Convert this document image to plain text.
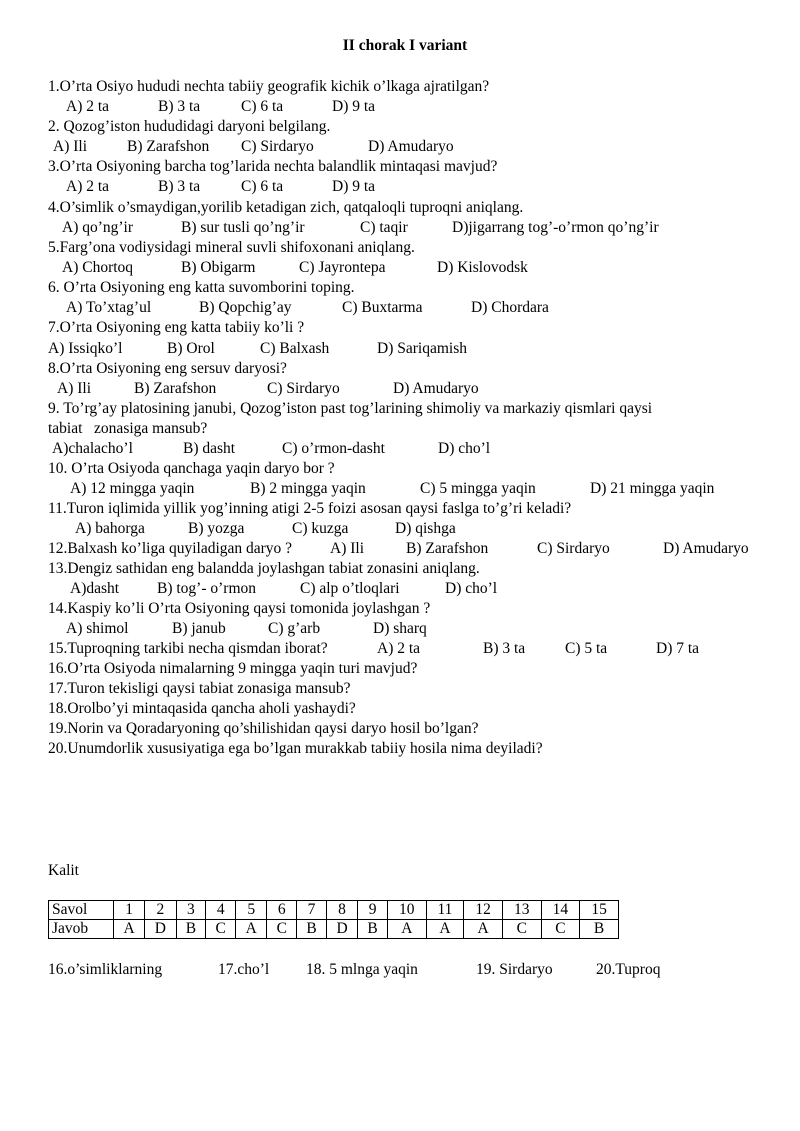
II chorak I variant
1.O’rta Osiyo hududi nechta tabiiy geografik kichik o’lkaga ajratilgan?

A) 2 ta

	B) 3 ta

	C) 6 ta

	D) 9 ta

2. Qozog’iston hududidagi daryoni belgilang.

A) Ili

	B) Zarafshon

C) Sirdaryo

	D) Amudaryo

3.O’rta Osiyoning barcha tog’larida nechta balandlik mintaqasi mavjud?

A) 2 ta

	B) 3 ta

	C) 6 ta

	D) 9 ta

4.O’simlik o’smaydigan,yorilib ketadigan zich, qatqaloqli tuproqni aniqlang.

A) qo’ng’ir

	B) sur tusli qo’ng’ir

	C) taqir

	D)jigarrang tog’-o’rmon qo’ng’ir

5.Farg’ona vodiysidagi mineral suvli shifoxonani aniqlang.

A) Chortoq

	B) Obigarm

	C) Jayrontepa

	D) Kislovodsk

6. O’rta Osiyoning eng katta suvomborini toping.

A) To’xtag’ul

	B) Qopchig’ay

	C) Buxtarma

	D) Chordara

7.O’rta Osiyoning eng katta tabiiy ko’li ?

A) Issiqko’l

	B) Orol

	C) Balxash

	D) Sariqamish

8.O’rta Osiyoning eng sersuv daryosi?

A) Ili

	B) Zarafshon

	C) Sirdaryo

	D) Amudaryo

9. To’rg’ay platosining janubi, Qozog’iston past tog’larining shimoliy va markaziy qismlari qaysi
tabiat   zonasiga mansub?

A)chalacho’l

	B) dasht

	C) o’rmon-dasht

	D) cho’l

10. O’rta Osiyoda qanchaga yaqin daryo bor ?

A) 12 mingga yaqin

	B) 2 mingga yaqin

	C) 5 mingga yaqin

	D) 21 mingga yaqin

11.Turon iqlimida yillik yog’inning atigi 2-5 foizi asosan qaysi faslga to’g’ri keladi?

A) bahorga

	B) yozga

	C) kuzga

	D) qishga

12.Balxash ko’liga quyiladigan daryo ?

A) Ili

	B) Zarafshon

	C) Sirdaryo

	D) Amudaryo

13.Dengiz sathidan eng balandda joylashgan tabiat zonasini aniqlang.

A)dasht

B) tog’- o’rmon

	C) alp o’tloqlari

	D) cho’l

14.Kaspiy ko’li O’rta Osiyoning qaysi tomonida joylashgan ?

A) shimol

	B) janub

	C) g’arb

	D) sharq

15.Tuproqning tarkibi necha qismdan iborat?

	A) 2 ta

	B) 3 ta

	C) 5 ta

	D) 7 ta

16.O’rta Osiyoda nimalarning 9 mingga yaqin turi mavjud?
17.Turon tekisligi qaysi tabiat zonasiga mansub?
18.Orolbo’yi mintaqasida qancha aholi yashaydi?
19.Norin va Qoradaryoning qo’shilishidan qaysi daryo hosil bo’lgan?
20.Unumdorlik xususiyatiga ega bo’lgan murakkab tabiiy hosila nima deyiladi?
Kalit
Savol	1	2	3	4	5	6	7	8	9	10	11	12	13	14	15
Javob	A	D	B	C	A	C	B	D	B	A	A	A	C	C	B
16.o’simliklarning	17.cho’l 18. 5 mlnga yaqin	19. Sirdaryo	20.Tuproq
